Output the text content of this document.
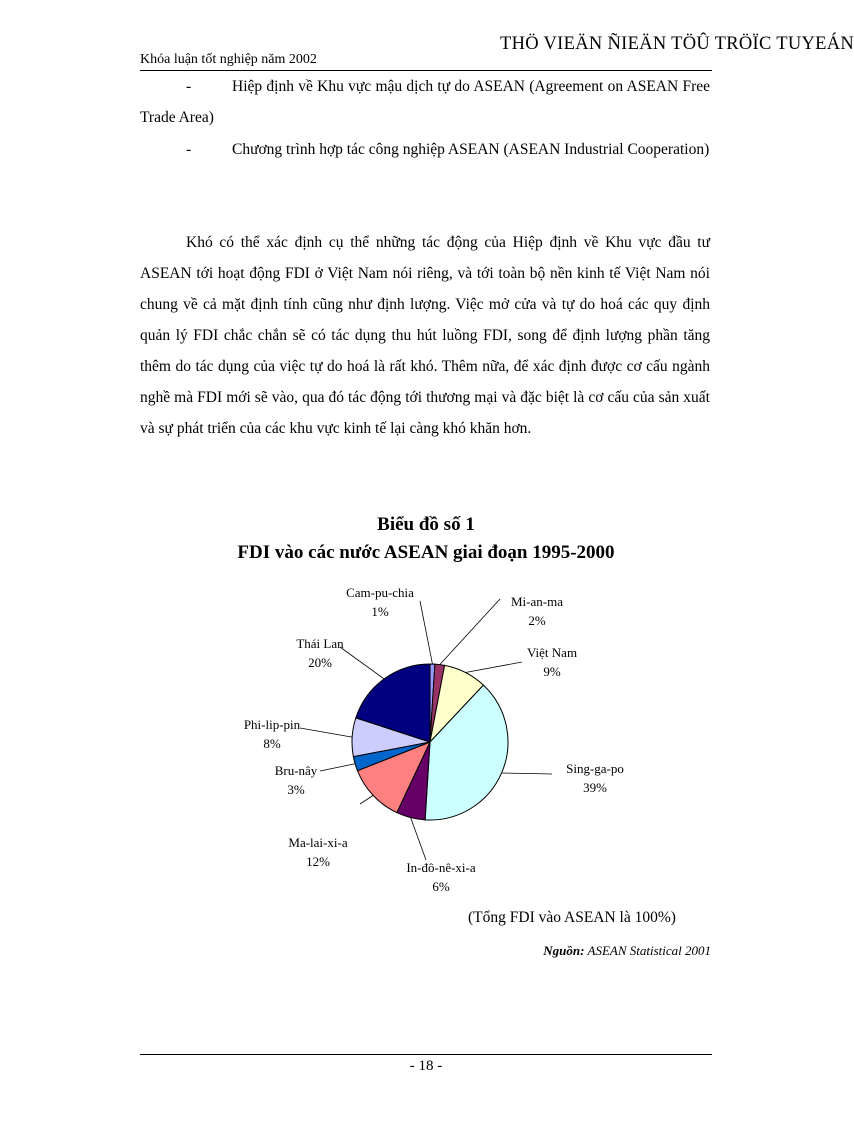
Khóa luận tốt nghiệp năm 2002
THÖ VIEÄN ÑIEÄN TÖÛ TRÖÏC TUYEÁN
-	Hiệp định về Khu vực mậu dịch tự do ASEAN (Agreement on ASEAN Free Trade Area)
-	Chương trình hợp tác công nghiệp ASEAN (ASEAN Industrial Cooperation)
Khó có thể xác định cụ thể những tác động của Hiệp định về Khu vực đầu tư ASEAN tới hoạt động FDI ở Việt Nam nói riêng, và tới toàn bộ nền kinh tế Việt Nam nói chung về cả mặt định tính cũng như định lượng. Việc mở cửa và tự do hoá các quy định quản lý FDI chắc chắn sẽ có tác dụng thu hút luồng FDI, song để định lượng phần tăng thêm do tác dụng của việc tự do hoá là rất khó. Thêm nữa, để xác định được cơ cấu ngành nghề mà FDI mới sẽ vào, qua đó tác động tới thương mại và đặc biệt là cơ cấu của sản xuất và sự phát triển của các khu vực kinh tế lại càng khó khăn hơn.
Biểu đồ số 1
FDI vào các nước ASEAN giai đoạn 1995-2000
Cam-pu-chia
1%
Mi-an-ma
2%
Việt Nam
9%
Sing-ga-po
39%
In-đô-nê-xi-a
6%
Ma-lai-xi-a
12%
Bru-nây
3%
Phi-lip-pin
8%
Thái Lan
20%
(Tổng FDI vào ASEAN là 100%)
Nguồn: ASEAN Statistical 2001
- 18 -
